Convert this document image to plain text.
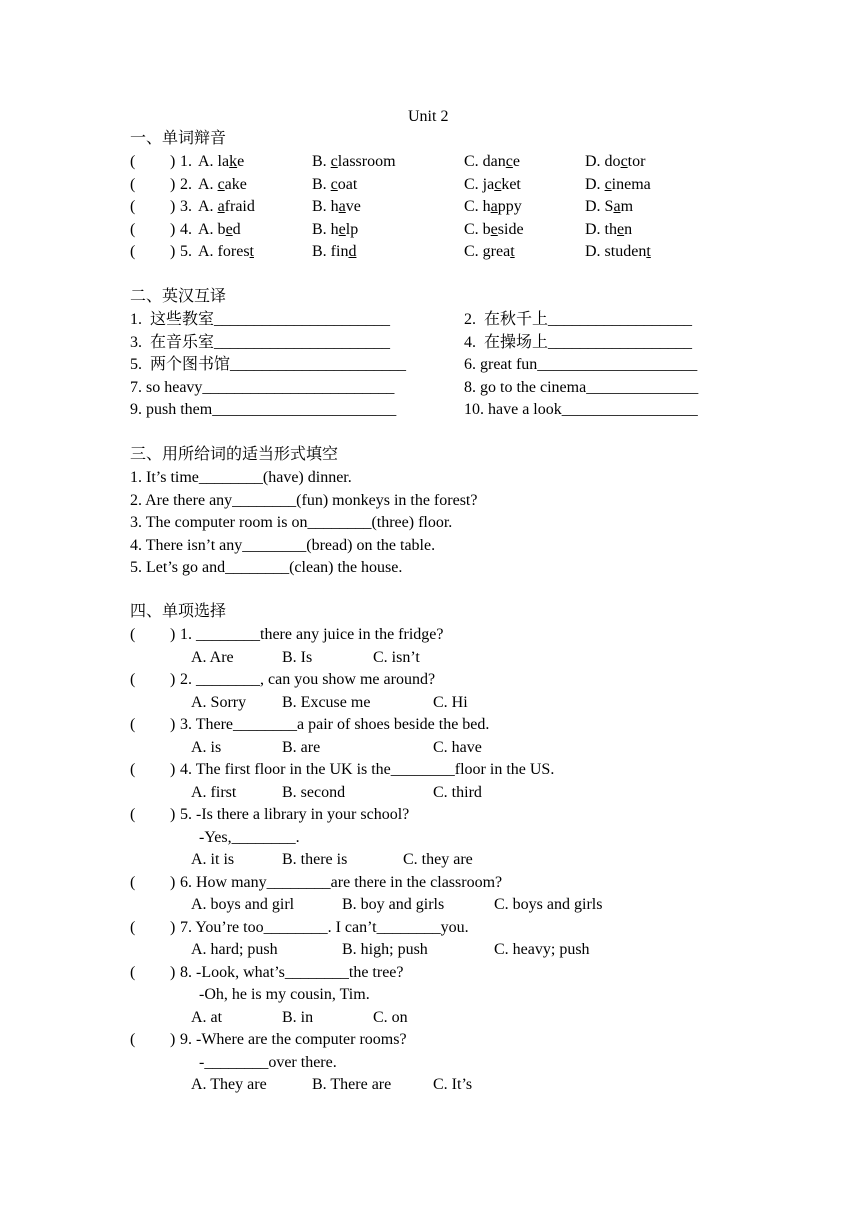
Unit 2
一、单词辩音
( ) 1. A. lake	B. classroom	C. dance	D. doctor
( ) 2. A. cake	B. coat	C. jacket	D. cinema
( ) 3. A. afraid	B. have	C. happy	D. Sam
( ) 4. A. bed	B. help	C. beside	D. then
( ) 5. A. forest	B. find	C. great	D. student
二、英汉互译
1.  这些教室______________________	2.  在秋千上__________________
3.  在音乐室______________________	4.  在操场上__________________
5.  两个图书馆______________________	6. great fun____________________
7. so heavy________________________	8. go to the cinema______________
9. push them_______________________	10. have a look_________________
三、用所给词的适当形式填空
1. It’s time________(have) dinner.
2. Are there any________(fun) monkeys in the forest?
3. The computer room is on________(three) floor.
4. There isn’t any________(bread) on the table.
5. Let’s go and________(clean) the house.
四、单项选择
( ) 1. ________there any juice in the fridge?
A. Are	B. Is	C. isn’t
( ) 2. ________, can you show me around?
A. Sorry B. Excuse me	C. Hi
( ) 3. There________a pair of shoes beside the bed.
A. is	B. are	C. have
( ) 4. The first floor in the UK is the________floor in the US.
A. first	B. second	C. third
( ) 5. -Is there a library in your school?
-Yes,________.
A. it is	B. there is	C. they are
( ) 6. How many________are there in the classroom?
A. boys and girl	B. boy and girls	C. boys and girls
( ) 7. You’re too________. I can’t________you.
A. hard; push	B. high; push	C. heavy; push
( ) 8. -Look, what’s________the tree?
-Oh, he is my cousin, Tim.
A. at	B. in	C. on
( ) 9. -Where are the computer rooms?
-________over there.
A. They are	B. There are	C. It’s
